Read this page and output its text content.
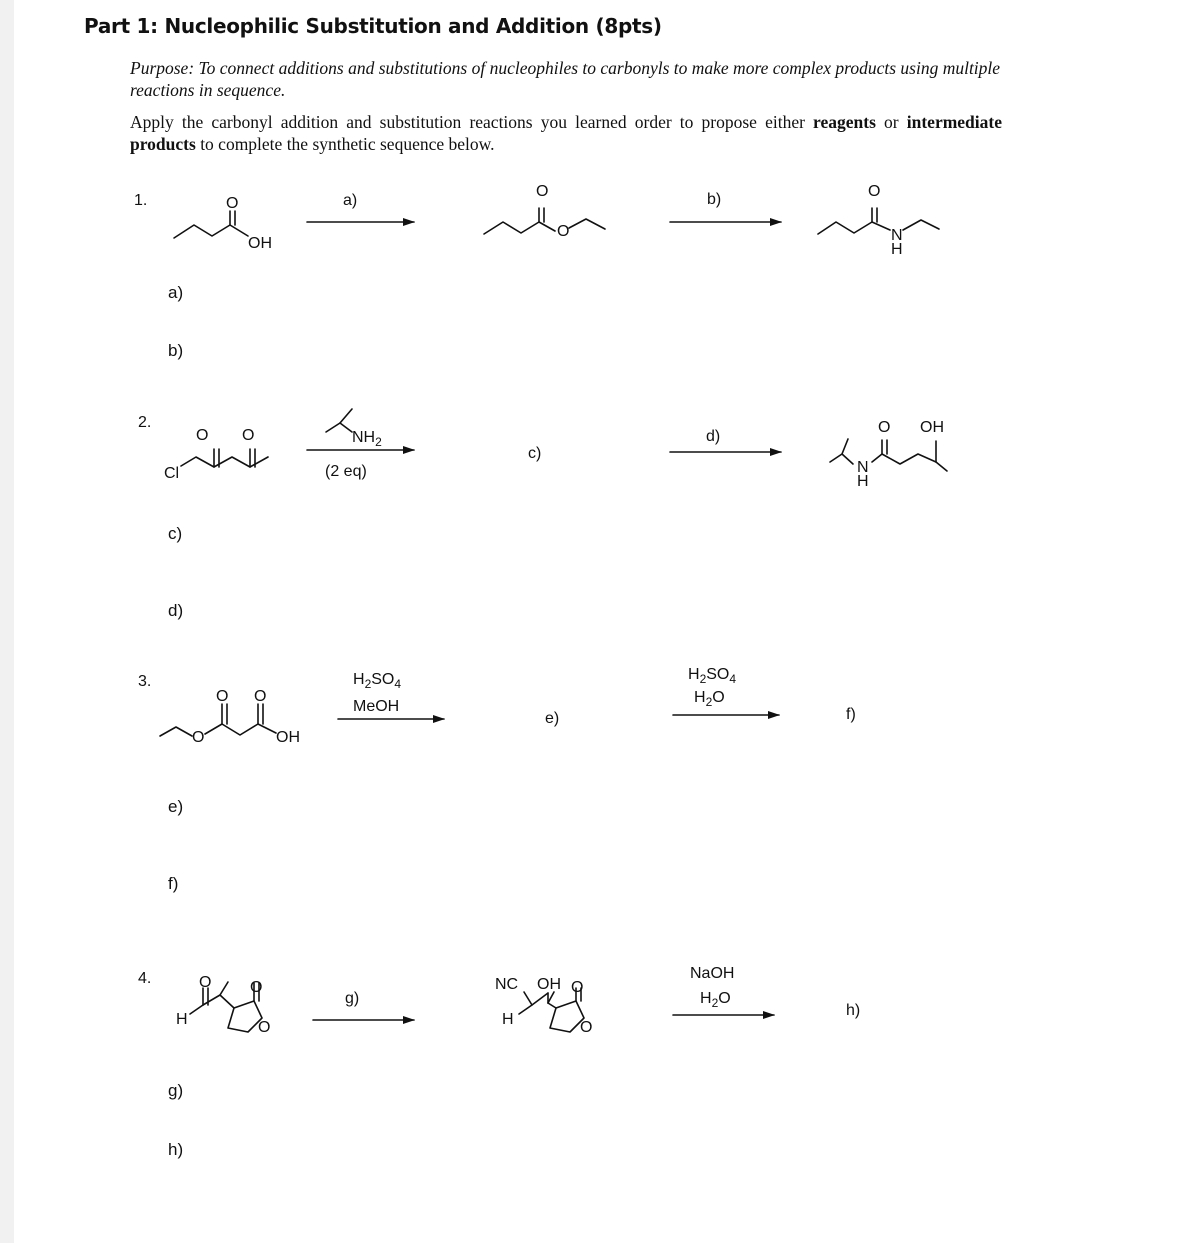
Part 1: Nucleophilic Substitution and Addition (8pts)
Purpose: To connect additions and substitutions of nucleophiles to carbonyls to make more complex products using multiple reactions in sequence.
Apply the carbonyl addition and substitution reactions you learned order to propose either reagents or intermediate products to complete the synthetic sequence below.
a)
b)
c)
d)
e)
f)
g)
h)
1.
2.
3.
4.
O
OH
a)
O
O
b)	O
N
H
O O
Cl
$NH_2$
(2 eq)
c)
d)
O OH
N
H
O O
O	OH
$H_2SO_4$
MeOH
e)
$H_2SO_4$
$H_2O$
f)
O O
H	O
g)
NC OH O
H	O
NaOH
$H_2O$
h)
